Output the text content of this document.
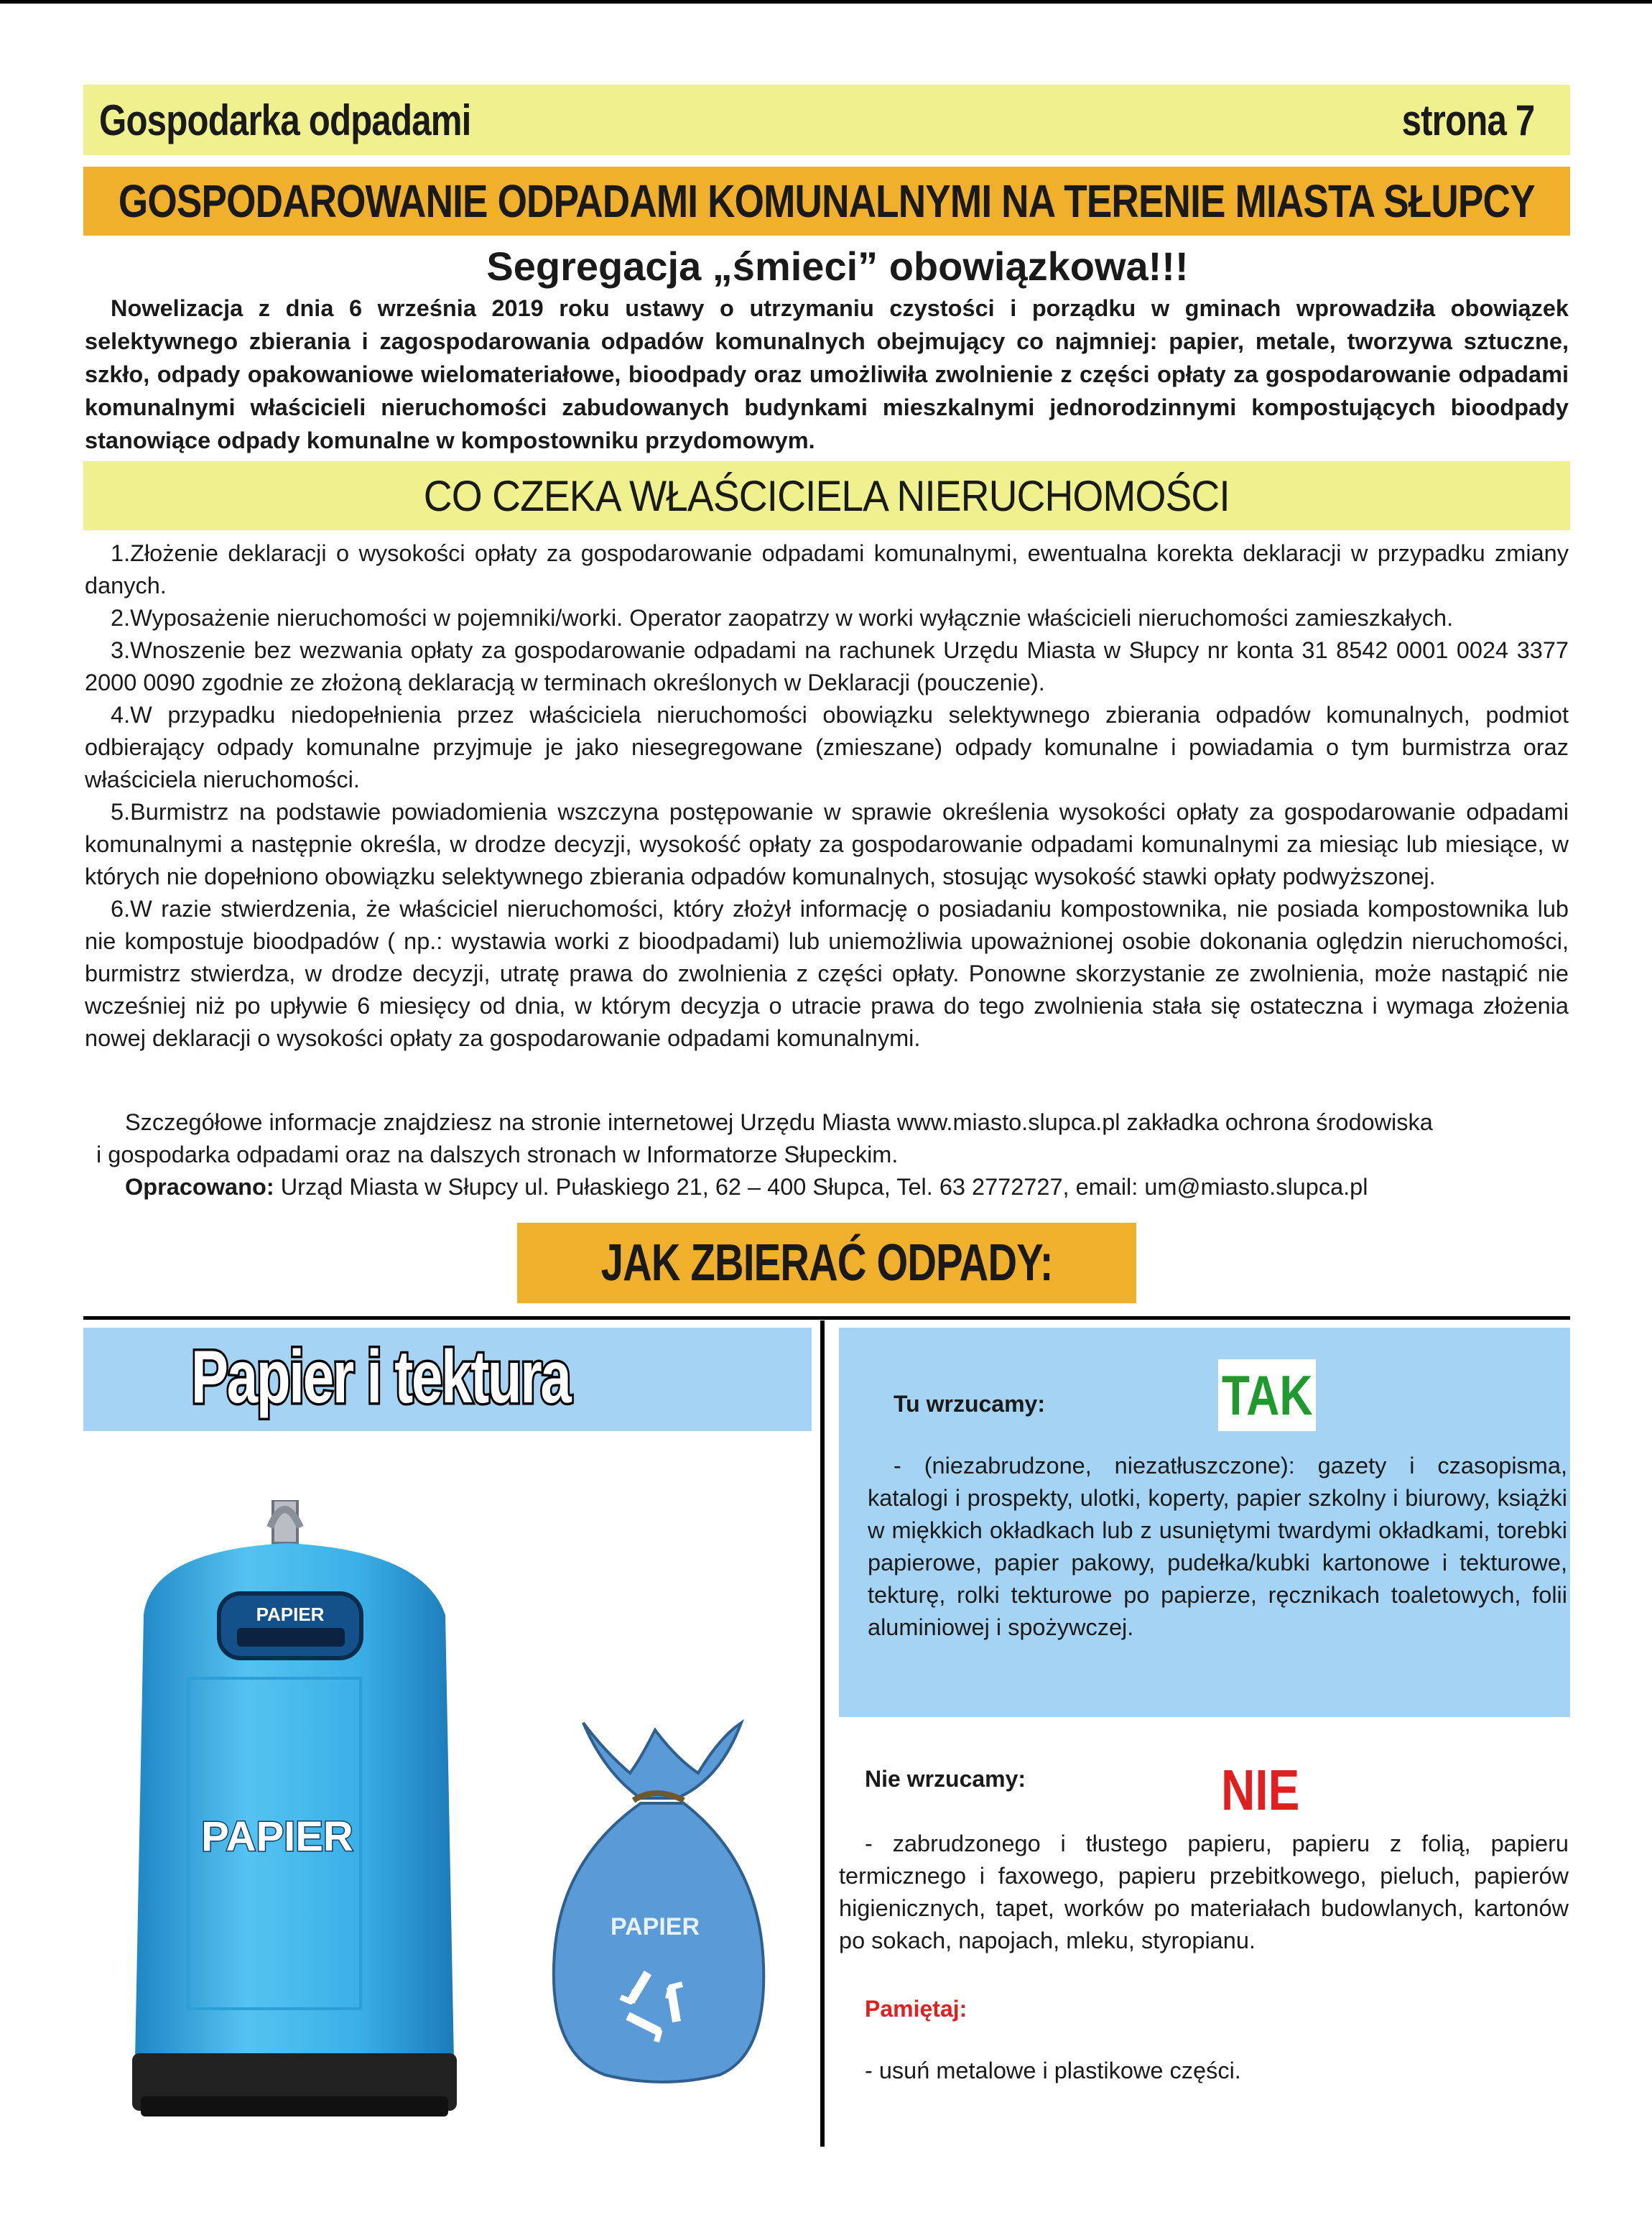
Gospodarka odpadami	strona 7
GOSPODAROWANIE ODPADAMI KOMUNALNYMI NA TERENIE MIASTA SŁUPCY
Segregacja „śmieci” obowiązkowa!!!
Nowelizacja z dnia 6 września 2019 roku ustawy o utrzymaniu czystości i porządku w gminach wprowadziła obowiązek selektywnego zbierania i zagospodarowania odpadów komunalnych obejmujący co najmniej: papier, metale, tworzywa sztuczne, szkło, odpady opakowaniowe wielomateriałowe, bioodpady oraz umożliwiła zwolnienie z części opłaty za gospodarowanie odpadami komunalnymi właścicieli nieruchomości zabudowanych budynkami mieszkalnymi jednorodzinnymi kompostujących bioodpady stanowiące odpady komunalne w kompostowniku przydomowym.
CO CZEKA WŁAŚCICIELA NIERUCHOMOŚCI

1.Złożenie deklaracji o wysokości opłaty za gospodarowanie odpadami komunalnymi, ewentualna korekta deklaracji w przypadku zmiany danych.

2.Wyposażenie nieruchomości w pojemniki/worki. Operator zaopatrzy w worki wyłącznie właścicieli nieruchomości zamieszkałych.

3.Wnoszenie bez wezwania opłaty za gospodarowanie odpadami na rachunek Urzędu Miasta w Słupcy nr konta 31 8542 0001 0024 3377 2000 0090 zgodnie ze złożoną deklaracją w terminach określonych w Deklaracji (pouczenie).

4.W przypadku niedopełnienia przez właściciela nieruchomości obowiązku selektywnego zbierania odpadów komunalnych, podmiot odbierający odpady komunalne przyjmuje je jako niesegregowane (zmieszane) odpady komunalne i powiadamia o tym burmistrza oraz właściciela nieruchomości.

5.Burmistrz na podstawie powiadomienia wszczyna postępowanie w sprawie określenia wysokości opłaty za gospodarowanie odpadami komunalnymi a następnie określa, w drodze decyzji, wysokość opłaty za gospodarowanie odpadami komunalnymi za miesiąc lub miesiące, w których nie dopełniono obowiązku selektywnego zbierania odpadów komunalnych, stosując wysokość stawki opłaty podwyższonej.

6.W razie stwierdzenia, że właściciel nieruchomości, który złożył informację o posiadaniu kompostownika, nie posiada kompostownika lub nie kompostuje bioodpadów ( np.: wystawia worki z bioodpadami) lub uniemożliwia upoważnionej osobie dokonania oględzin nieruchomości, burmistrz stwierdza, w drodze decyzji, utratę prawa do zwolnienia z części opłaty. Ponowne skorzystanie ze zwolnienia, może nastąpić nie wcześniej niż po upływie 6 miesięcy od dnia, w którym decyzja o utracie prawa do tego zwolnienia stała się ostateczna i wymaga złożenia nowej deklaracji o wysokości opłaty za gospodarowanie odpadami komunalnymi.

Szczegółowe informacje znajdziesz na stronie internetowej Urzędu Miasta www.miasto.slupca.pl zakładka ochrona środowiska

i gospodarka odpadami oraz na dalszych stronach w Informatorze Słupeckim.

Opracowano: Urząd Miasta w Słupcy ul. Pułaskiego 21, 62 – 400 Słupca, Tel. 63 2772727, email: um@miasto.slupca.pl

JAK ZBIERAĆ ODPADY:
Papier i tektura
PAPIER
PAPIER
PAPIER
Tu wrzucamy:	TAK
- (niezabrudzone, niezatłuszczone): gazety i czasopisma, katalogi i prospekty, ulotki, koperty, papier szkolny i biurowy, książki w miękkich okładkach lub z usuniętymi twardymi okładkami, torebki papierowe, papier pakowy, pudełka/kubki kartonowe i tekturowe, tekturę, rolki tekturowe po papierze, ręcznikach toaletowych, folii aluminiowej i spożywczej.
Nie wrzucamy:	NIE
- zabrudzonego i tłustego papieru, papieru z folią, papieru termicznego i faxowego, papieru przebitkowego, pieluch, papierów higienicznych, tapet, worków po materiałach budowlanych, kartonów po sokach, napojach, mleku, styropianu.
Pamiętaj:
- usuń metalowe i plastikowe części.
